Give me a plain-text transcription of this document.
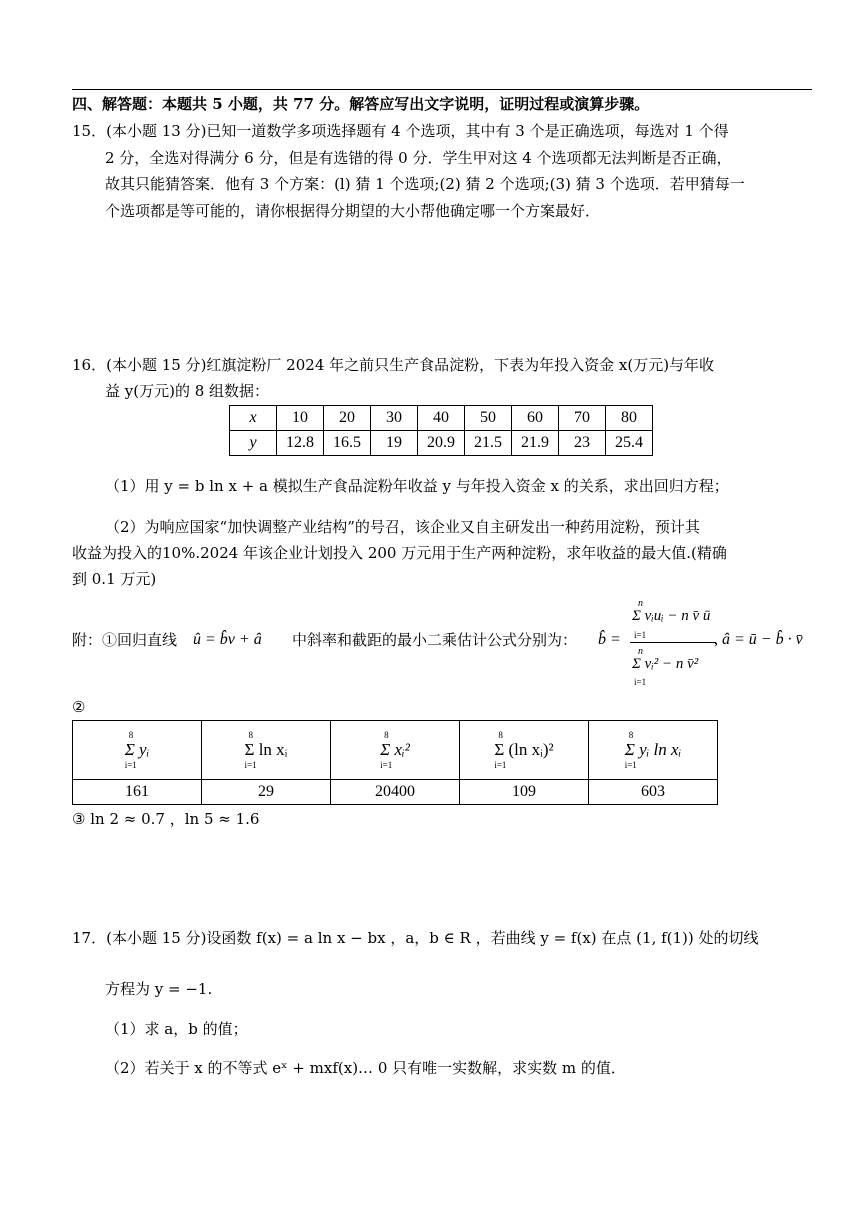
四、解答题：本题共 5 小题，共 77 分。解答应写出文字说明，证明过程或演算步骤。
15．(本小题 13 分)已知一道数学多项选择题有 4 个选项，其中有 3 个是正确选项，每选对 1 个得
2 分，全选对得满分 6 分，但是有选错的得 0 分．学生甲对这 4 个选项都无法判断是否正确，
故其只能猜答案．他有 3 个方案：(l) 猜 1 个选项;(2) 猜 2 个选项;(3) 猜 3 个选项．若甲猜每一
个选项都是等可能的，请你根据得分期望的大小帮他确定哪一个方案最好．
16．(本小题 15 分)红旗淀粉厂 2024 年之前只生产食品淀粉，下表为年投入资金 x(万元)与年收
益 y(万元)的 8 组数据：
x	10	20	30	40	50	60	70	80
y	12.8	16.5	19	20.9	21.5	21.9	23	25.4
（1）用 y = b ln x + a 模拟生产食品淀粉年收益 y 与年投入资金 x 的关系，求出回归方程；
（2）为响应国家“加快调整产业结构”的号召，该企业又自主研发出一种药用淀粉，预计其
收益为投入的10%.2024 年该企业计划投入 200 万元用于生产两种淀粉，求年收益的最大值.(精确
到 0.1 万元)
附：①回归直线 û = b̂v + â 中斜率和截距的最小二乘估计公式分别为： b̂ =
n
Σ vᵢuᵢ − n v̄ ū
i=1
n
Σ vᵢ² − n v̄²
i=1
, â = ū − b̂ · v̄
②
8
Σ yᵢ
i=1	8
Σ ln xᵢ
i=1	8
Σ xᵢ²
i=1	8
Σ (ln xᵢ)²
i=1	8
Σ yᵢ ln xᵢ
i=1

161	29	20400	109	603
③ ln 2 ≈ 0.7 ，ln 5 ≈ 1.6
17．(本小题 15 分)设函数 f(x) = a ln x − bx ，a，b ∈ R ，若曲线 y = f(x) 在点 (1, f(1)) 处的切线
方程为 y = −1.
（1）求 a，b 的值；
（2）若关于 x 的不等式 eˣ + mxf(x)… 0 只有唯一实数解，求实数 m 的值．
